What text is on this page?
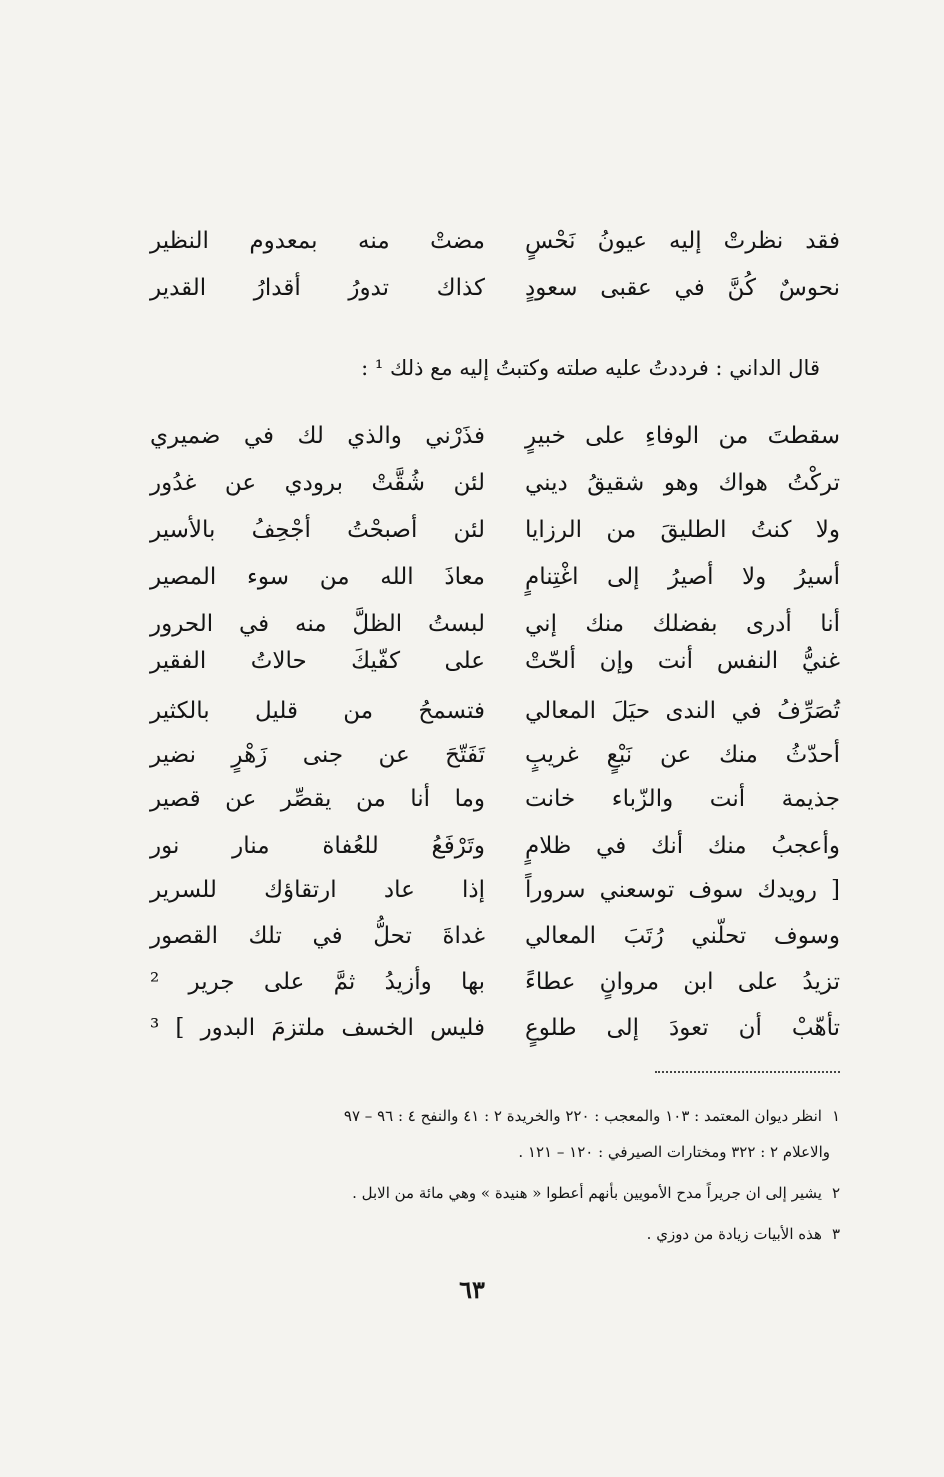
فقد نظرتْ إليه عيونُ نَحْسٍ
مضتْ منه بمعدوم النظير
نحوسٌ كُنَّ في عقبى سعودٍ
كذاك تدورُ أقدارُ القدير
قال الداني : فرددتُ عليه صلته وكتبتُ إليه مع ذلك ¹ :
سقطتَ من الوفاءِ على خبيرٍ
فذَرْني والذي لك في ضميري
تركْتُ هواك وهو شقيقُ ديني
لئن شُقَّتْ برودي عن غدُور
ولا كنتُ الطليقَ من الرزايا
لئن أصبحْتُ أجْحِفُ بالأسير
أسيرُ ولا أصيرُ إلى اغْتِنامٍ
معاذَ الله من سوء المصير
أنا أدرى بفضلك منك إني
لبستُ الظلَّ منه في الحرور
غنيُّ النفس أنت وإن ألحّتْ
على كفّيكَ حالاتُ الفقير
تُصَرِّفُ في الندى حيَلَ المعالي
فتسمحُ من قليل بالكثير
أحدّثُ منك عن نَبْعٍ غريبٍ
تَفَتّحَ عن جنى زَهْرٍ نضير
جذيمة أنت والزّباء خانت
وما أنا من يقصِّر عن قصير
وأعجبُ منك أنك في ظلامٍ
وتَرْفَعُ للعُفاة منار نور
[ رويدك سوف توسعني سروراً
إذا عاد ارتقاؤك للسرير
وسوف تحلّني رُتَبَ المعالي
غداةَ تحلُّ في تلك القصور
تزيدُ على ابن مروانٍ عطاءً
بها وأزيدُ ثمَّ على جرير ²
تأهّبْ أن تعودَ إلى طلوعٍ
فليس الخسف ملتزمَ البدور ] ³
١انظر ديوان المعتمد : ١٠٣ والمعجب : ٢٢٠ والخريدة ٢ : ٤١ والنفح ٤ : ٩٦ – ٩٧
والاعلام ٢ : ٣٢٢ ومختارات الصيرفي : ١٢٠ – ١٢١ .
٢يشير إلى ان جريراً مدح الأمويين بأنهم أعطوا « هنيدة » وهي مائة من الابل .
٣هذه الأبيات زيادة من دوزي .
٦٣
